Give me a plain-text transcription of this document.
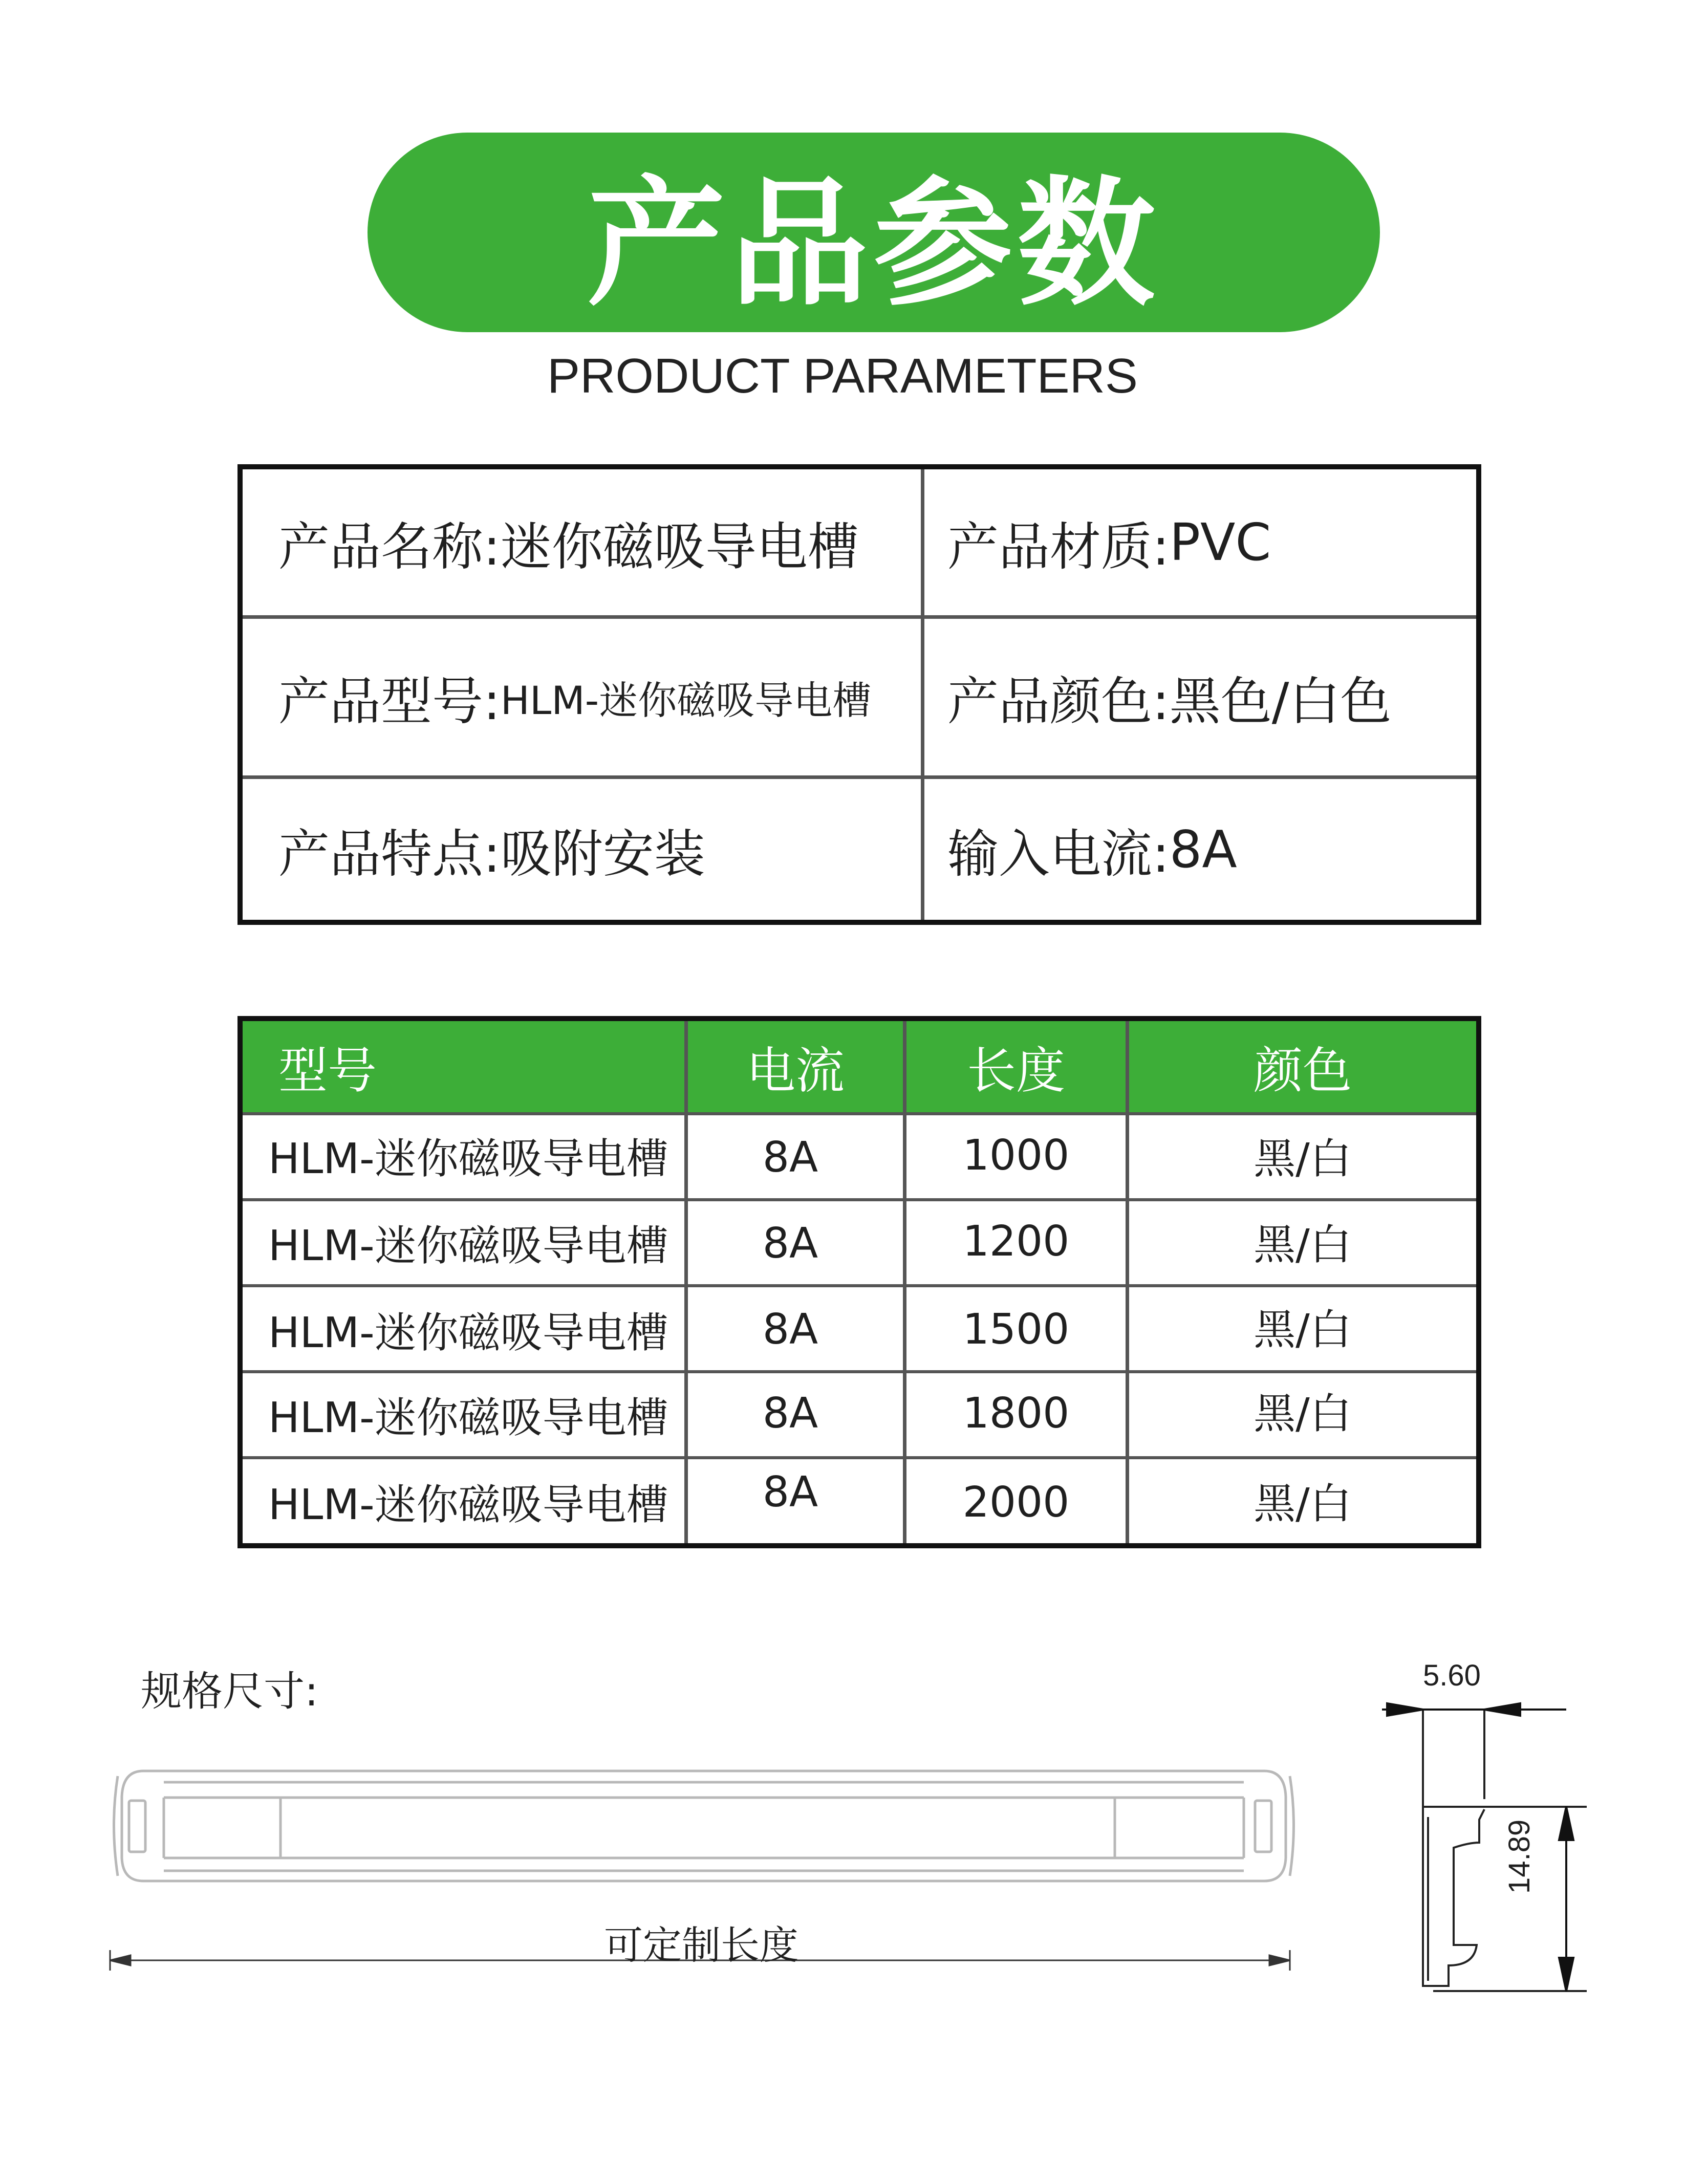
产品参数
PRODUCT PARAMETERS
产品名称: 迷你磁吸导电槽 产品材质: PVC
产品型号: HLM-迷你磁吸导电槽 产品颜色: 黑色/白色
产品特点: 吸附安装	输入电流: 8A
型号	电流	长度	颜色
HLM-迷你磁吸导电槽	8A	1000	黑/白
HLM-迷你磁吸导电槽	8A	1200	黑/白
HLM-迷你磁吸导电槽	8A	1500	黑/白
HLM-迷你磁吸导电槽	8A	1800	黑/白
HLM-迷你磁吸导电槽	8A	2000	黑/白
规格尺寸:
可定制长度
5.60
14.89
